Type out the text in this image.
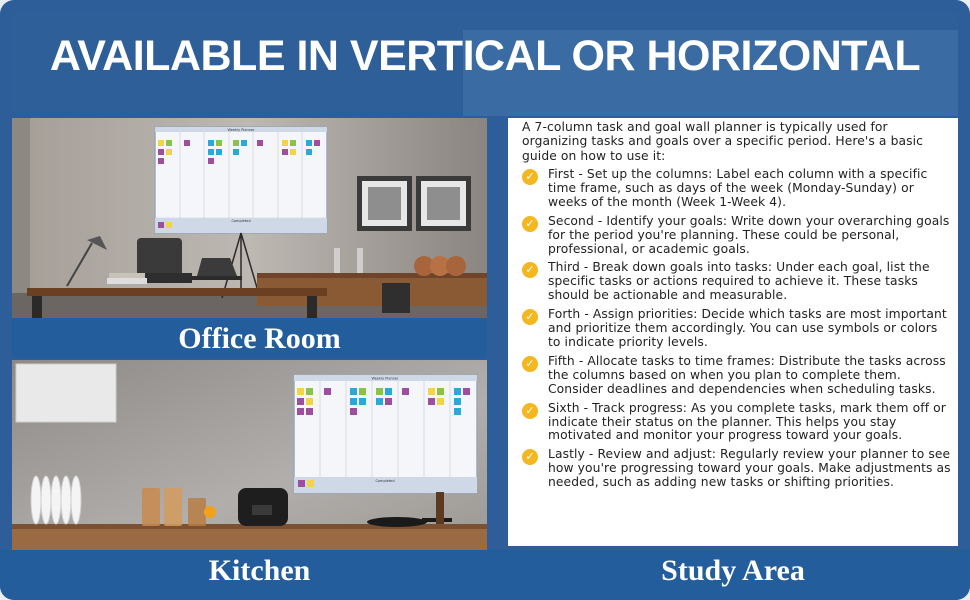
AVAILABLE IN VERTICAL OR HORIZONTAL
Weekly Planner
Completed
Office Room
Weekly Planner
Completed
Kitchen	Study Area
A 7-column task and goal wall planner is typically used for organizing tasks and goals over a specific period. Here's a basic guide on how to use it:
✓ First - Set up the columns: Label each column with a specific time frame, such as days of the week (Monday-Sunday) or weeks of the month (Week 1-Week 4).
✓ Second - Identify your goals: Write down your overarching goals for the period you're planning. These could be personal, professional, or academic goals.
✓ Third - Break down goals into tasks: Under each goal, list the specific tasks or actions required to achieve it. These tasks should be actionable and measurable.
✓ Forth - Assign priorities: Decide which tasks are most important and prioritize them accordingly. You can use symbols or colors to indicate priority levels.
✓ Fifth - Allocate tasks to time frames: Distribute the tasks across the columns based on when you plan to complete them. Consider deadlines and dependencies when scheduling tasks.
✓ Sixth - Track progress: As you complete tasks, mark them off or indicate their status on the planner. This helps you stay motivated and monitor your progress toward your goals.
✓ Lastly - Review and adjust: Regularly review your planner to see how you're progressing toward your goals. Make adjustments as needed, such as adding new tasks or shifting priorities.
